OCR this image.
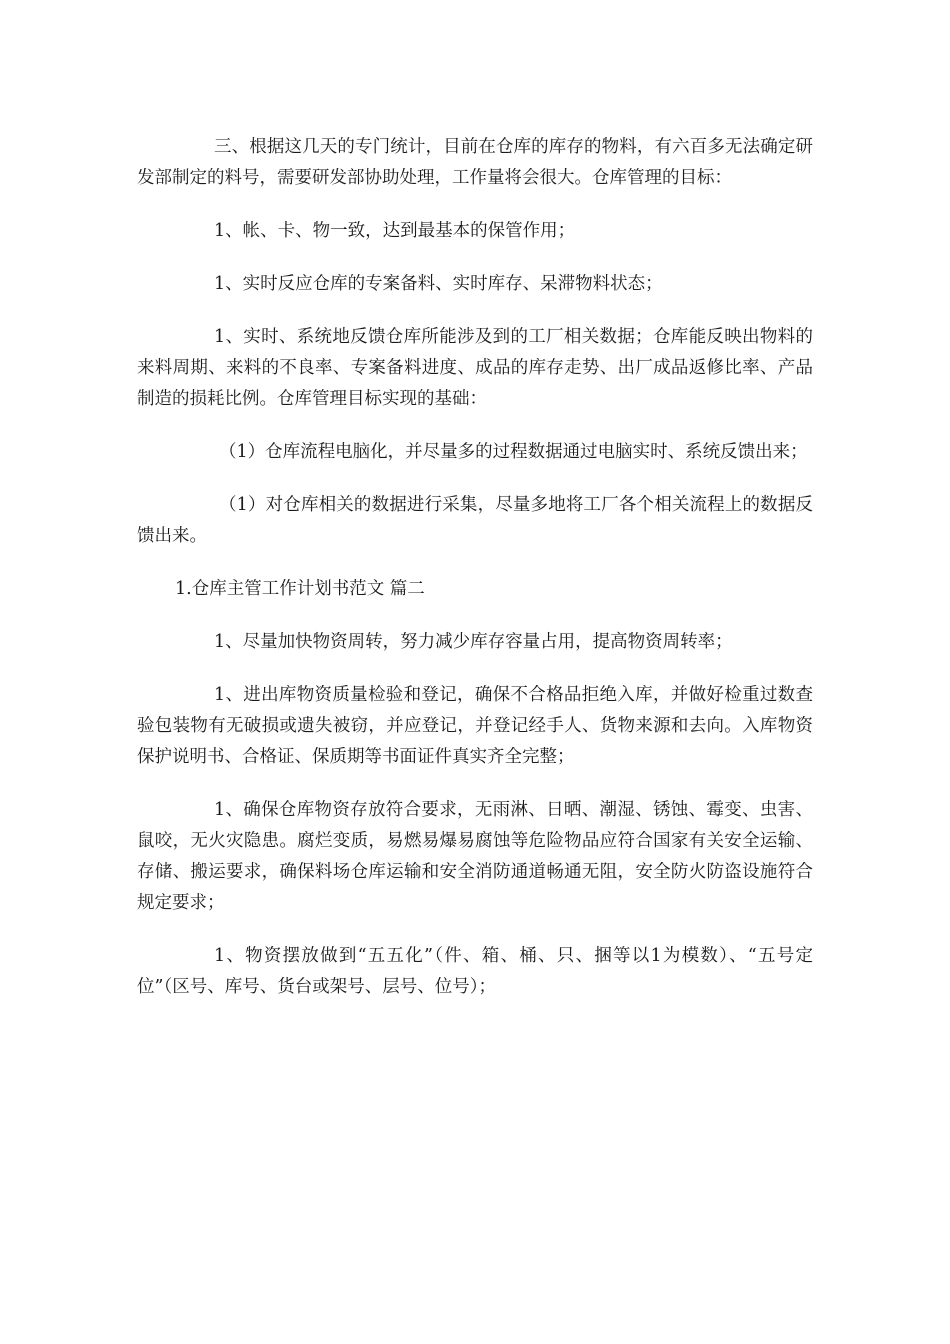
三、根据这几天的专门统计，目前在仓库的库存的物料，有六百多无法确定研发部制定的料号，需要研发部协助处理，工作量将会很大。仓库管理的目标：

1、帐、卡、物一致，达到最基本的保管作用；

1、实时反应仓库的专案备料、实时库存、呆滞物料状态；

1、实时、系统地反馈仓库所能涉及到的工厂相关数据；仓库能反映出物料的来料周期、来料的不良率、专案备料进度、成品的库存走势、出厂成品返修比率、产品制造的损耗比例。仓库管理目标实现的基础：

（1）仓库流程电脑化，并尽量多的过程数据通过电脑实时、系统反馈出来；

（1）对仓库相关的数据进行采集，尽量多地将工厂各个相关流程上的数据反馈出来。

1.仓库主管工作计划书范文 篇二

1、尽量加快物资周转，努力减少库存容量占用，提高物资周转率；

1、进出库物资质量检验和登记，确保不合格品拒绝入库，并做好检重过数查验包装物有无破损或遗失被窃，并应登记，并登记经手人、货物来源和去向。入库物资保护说明书、合格证、保质期等书面证件真实齐全完整；

1、确保仓库物资存放符合要求，无雨淋、日晒、潮湿、锈蚀、霉变、虫害、鼠咬，无火灾隐患。腐烂变质，易燃易爆易腐蚀等危险物品应符合国家有关安全运输、存储、搬运要求，确保料场仓库运输和安全消防通道畅通无阻，安全防火防盗设施符合规定要求；

1、物资摆放做到“五五化”（件、箱、桶、只、捆等以1为模数）、“五号定位”（区号、库号、货台或架号、层号、位号）；
